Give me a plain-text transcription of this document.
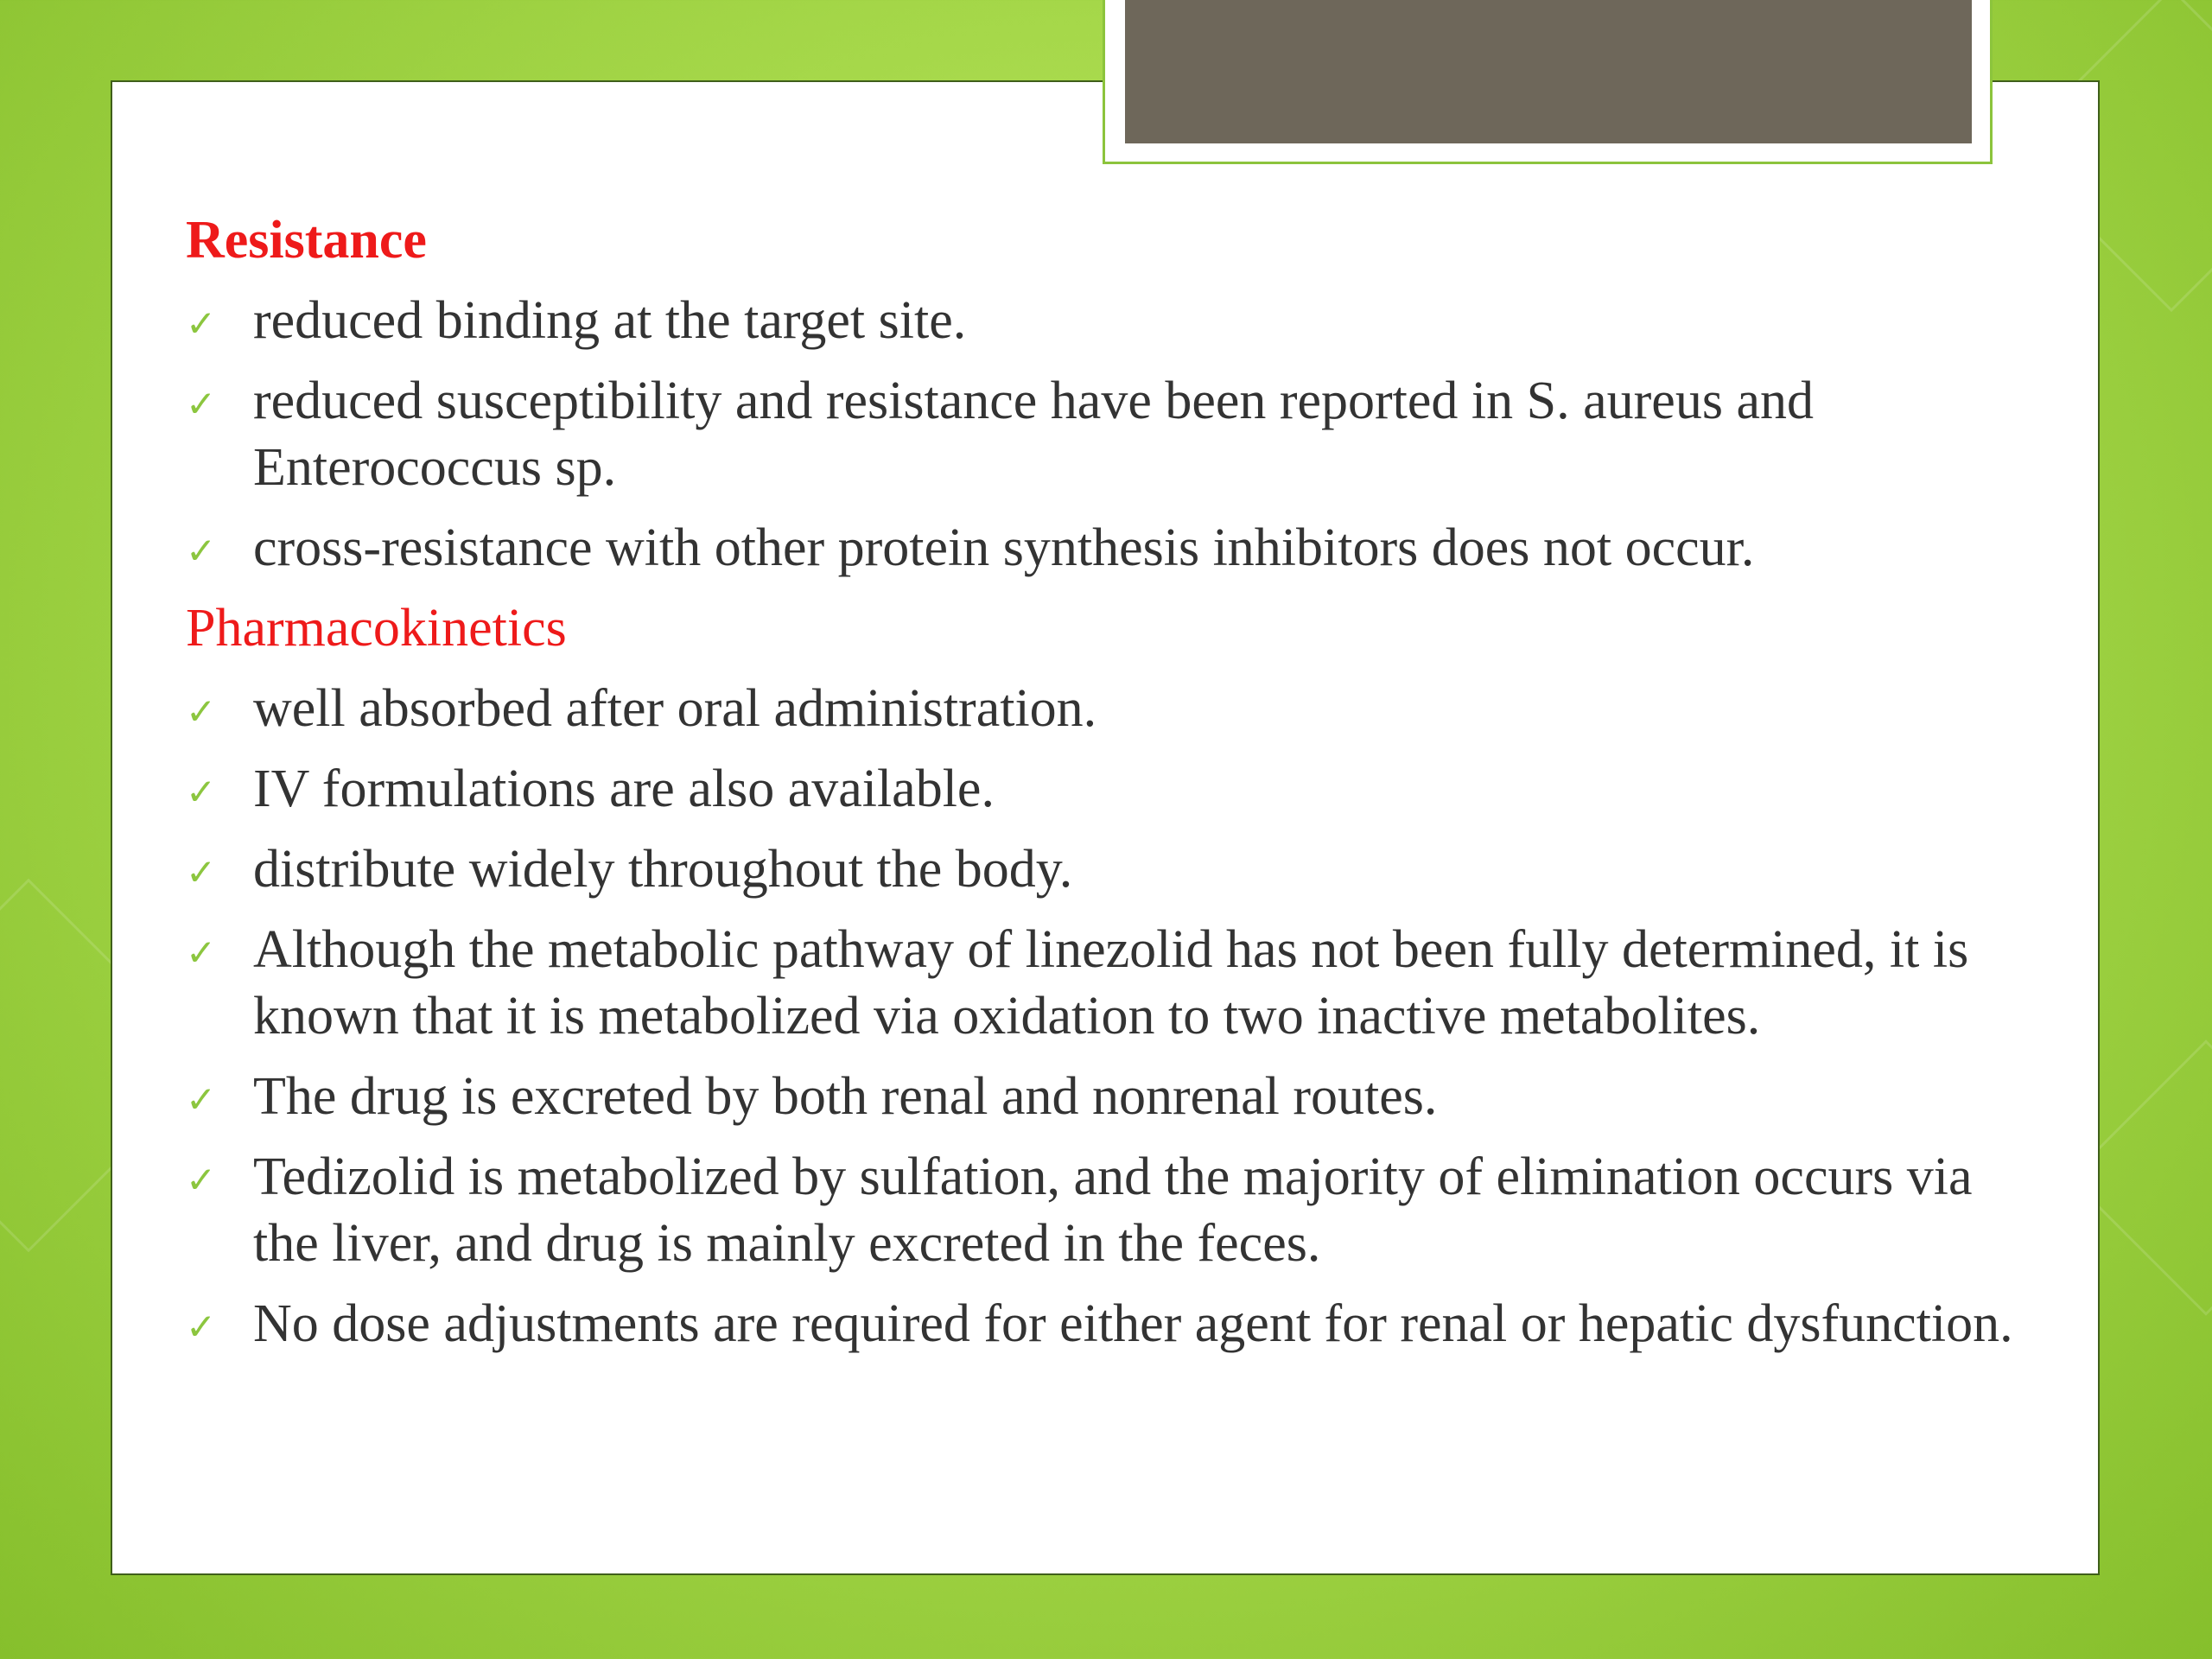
Resistance
✓ reduced binding at the target site.
✓ reduced susceptibility and resistance have been reported in S. aureus and Enterococcus sp.
✓ cross-resistance with other protein synthesis inhibitors does not occur.
Pharmacokinetics
✓ well absorbed after oral administration.
✓ IV formulations are also available.
✓ distribute widely throughout the body.
✓ Although the metabolic pathway of linezolid has not been fully determined, it is known that it is metabolized via oxidation to two inactive metabolites.
✓ The drug is excreted by both renal and nonrenal routes.
✓ Tedizolid is metabolized by sulfation, and the majority of elimination occurs via the liver, and drug is mainly excreted in the feces.
✓ No dose adjustments are required for either agent for renal or hepatic dysfunction.
